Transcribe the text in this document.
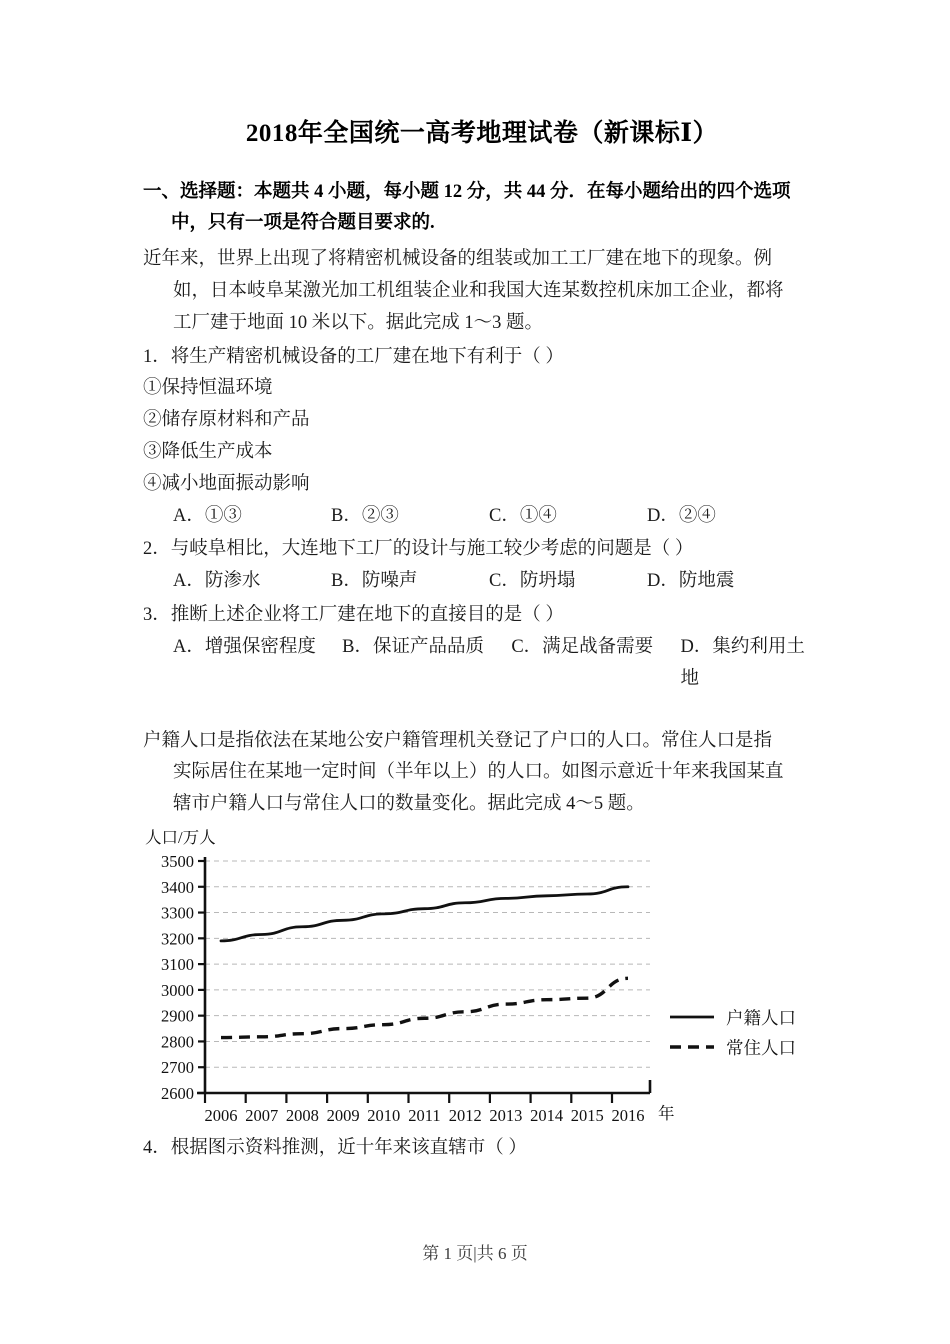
2018年全国统一高考地理试卷（新课标Ⅰ）
一、选择题：本题共 4 小题，每小题 12 分，共 44 分．在每小题给出的四个选项
中，只有一项是符合题目要求的.
近年来，世界上出现了将精密机械设备的组装或加工工厂建在地下的现象。例
如，日本岐阜某激光加工机组装企业和我国大连某数控机床加工企业，都将
工厂建于地面 10 米以下。据此完成 1～3 题。
1．将生产精密机械设备的工厂建在地下有利于（ ）
①保持恒温环境
②储存原材料和产品
③降低生产成本
④减小地面振动影响
A．①③	B．②③	C．①④	D．②④
2．与岐阜相比，大连地下工厂的设计与施工较少考虑的问题是（ ）
A．防渗水	B．防噪声	C．防坍塌	D．防地震
3．推断上述企业将工厂建在地下的直接目的是（ ）
A．增强保密程度	B．保证产品品质	C．满足战备需要	D．集约利用土地
户籍人口是指依法在某地公安户籍管理机关登记了户口的人口。常住人口是指
实际居住在某地一定时间（半年以上）的人口。如图示意近十年来我国某直
辖市户籍人口与常住人口的数量变化。据此完成 4～5 题。
人口/万人
2600
2700
2800
2900
3000
3100
3200
3300
3400
3500
2006 2007 2008 2009 2010 2011 2012 2013 2014 2015 2016 年
户籍人口
常住人口
4．根据图示资料推测，近十年来该直辖市（ ）
第 1 页|共 6 页
